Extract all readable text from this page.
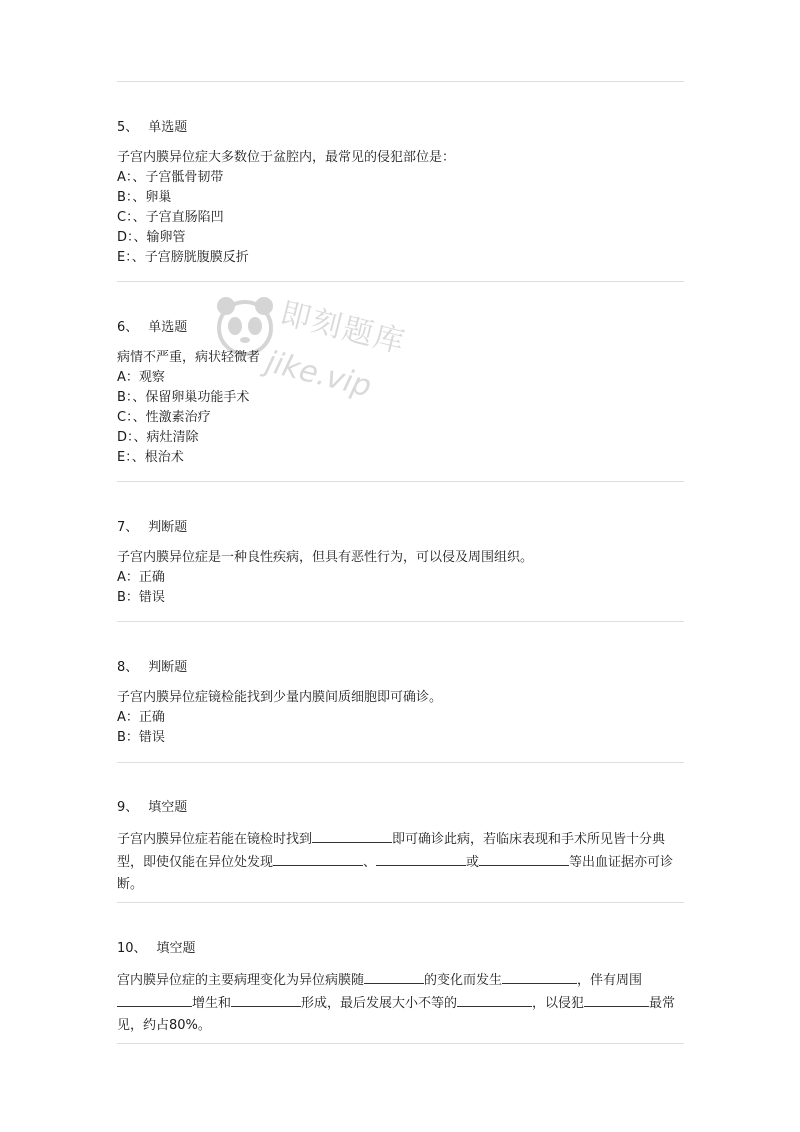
即刻题库
jike.vip
5、 单选题
子宫内膜异位症大多数位于盆腔内，最常见的侵犯部位是：
A：、子宫骶骨韧带
B：、卵巢
C：、子宫直肠陷凹
D：、输卵管
E：、子宫膀胱腹膜反折
6、 单选题
病情不严重，病状轻微者
A：观察
B：、保留卵巢功能手术
C：、性激素治疗
D：、病灶清除
E：、根治术
7、 判断题
子宫内膜异位症是一种良性疾病，但具有恶性行为，可以侵及周围组织。
A：正确
B：错误
8、 判断题
子宫内膜异位症镜检能找到少量内膜间质细胞即可确诊。
A：正确
B：错误
9、 填空题
子宫内膜异位症若能在镜检时找到	即可确诊此病，若临床表现和手术所见皆十分典型，即使仅能在异位处发现	、	或	等出血证据亦可诊断。
10、 填空题
宫内膜异位症的主要病理变化为异位病膜随	的变化而发生	，伴有周围增生和	形成，最后发展大小不等的	，以侵犯	最常见，约占80%。
